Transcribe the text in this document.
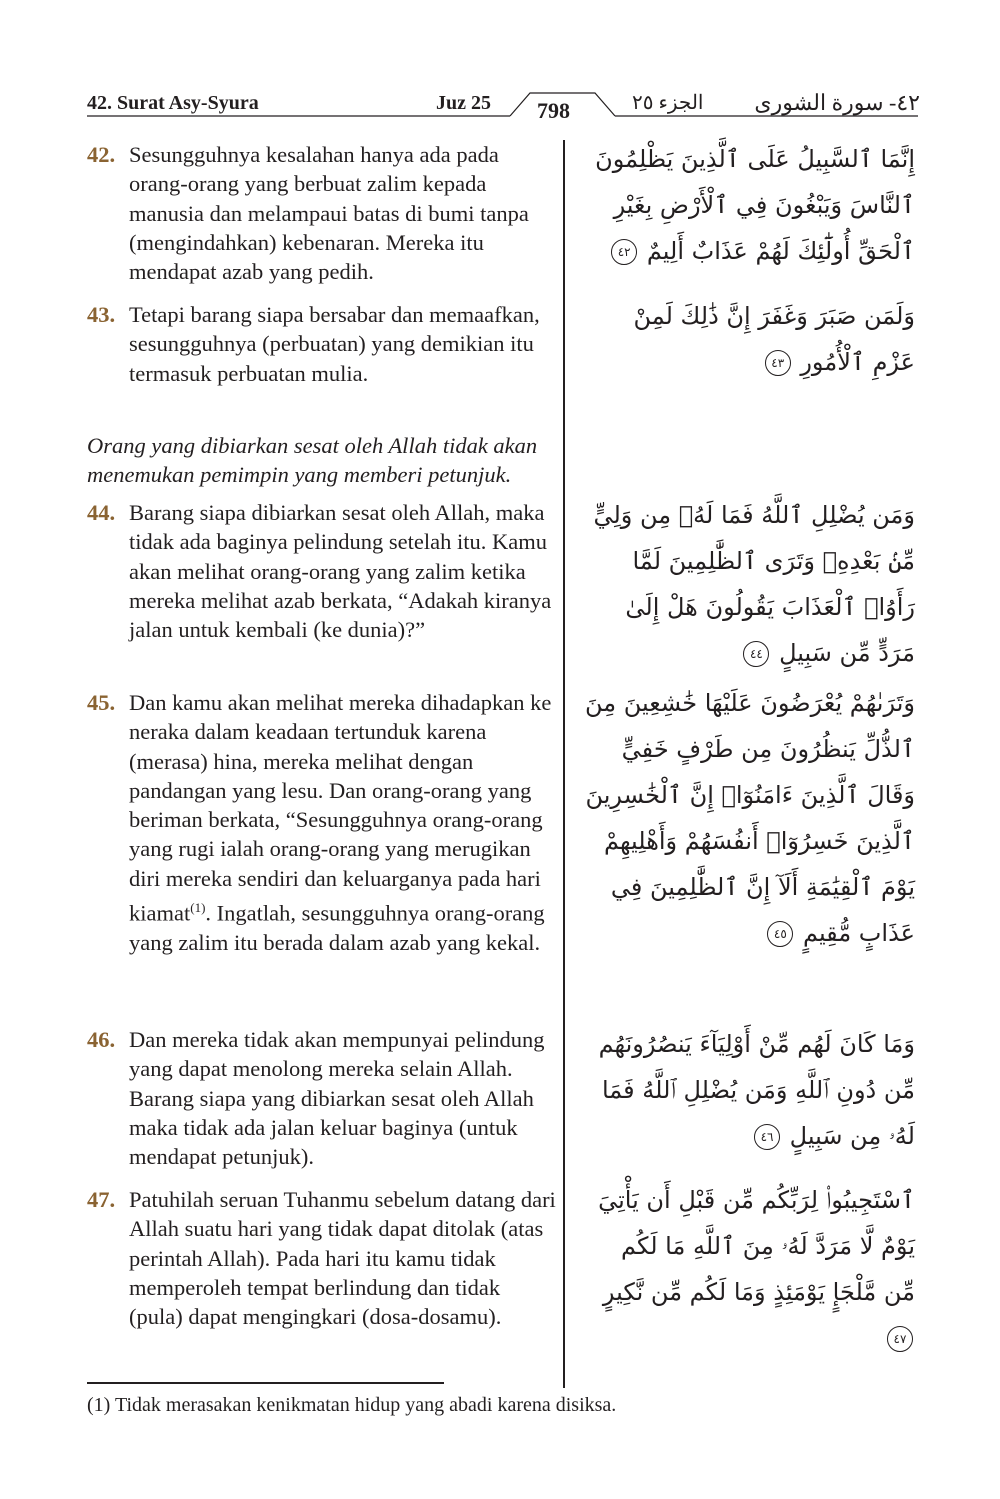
42. Surat Asy-Syura	Juz 25 798	الجزء ٢٥ ٤٢- سورة الشورى
42. Sesungguhnya kesalahan hanya ada pada orang-orang yang berbuat zalim kepada manusia dan melampaui batas di bumi tanpa (mengindahkan) kebenaran. Mereka itu mendapat azab yang pedih.
إِنَّمَا ٱلسَّبِيلُ عَلَى ٱلَّذِينَ يَظْلِمُونَ ٱلنَّاسَ وَيَبْغُونَ فِي ٱلْأَرْضِ بِغَيْرِ ٱلْحَقِّ أُولَٰٓئِكَ لَهُمْ عَذَابٌ أَلِيمٌ ٤٢
43. Tetapi barang siapa bersabar dan memaafkan, sesungguhnya (perbuatan) yang demikian itu termasuk perbuatan mulia.
وَلَمَن صَبَرَ وَغَفَرَ إِنَّ ذَٰلِكَ لَمِنْ عَزْمِ ٱلْأُمُورِ ٤٣
Orang yang dibiarkan sesat oleh Allah tidak akan menemukan pemimpin yang memberi petunjuk.
44. Barang siapa dibiarkan sesat oleh Allah, maka tidak ada baginya pelindung setelah itu. Kamu akan melihat orang-orang yang zalim ketika mereka melihat azab berkata, “Adakah kiranya jalan untuk kembali (ke dunia)?”
وَمَن يُضْلِلِ ٱللَّهُ فَمَا لَهُۥ مِن وَلِيٍّ مِّنۢ بَعْدِهِۦ وَتَرَى ٱلظَّٰلِمِينَ لَمَّا رَأَوُا۟ ٱلْعَذَابَ يَقُولُونَ هَلْ إِلَىٰ مَرَدٍّ مِّن سَبِيلٍ ٤٤
45. Dan kamu akan melihat mereka dihadapkan ke neraka dalam keadaan tertunduk karena (merasa) hina, mereka melihat dengan pandangan yang lesu. Dan orang-orang yang beriman berkata, “Sesungguhnya orang-orang yang rugi ialah orang-orang yang merugikan diri mereka sendiri dan keluarganya pada hari kiamat$^{(1)}$. Ingatlah, sesungguhnya orang-orang yang zalim itu berada dalam azab yang kekal.
وَتَرَىٰهُمْ يُعْرَضُونَ عَلَيْهَا خَٰشِعِينَ مِنَ ٱلذُّلِّ يَنظُرُونَ مِن طَرْفٍ خَفِيٍّ وَقَالَ ٱلَّذِينَ ءَامَنُوٓا۟ إِنَّ ٱلْخَٰسِرِينَ ٱلَّذِينَ خَسِرُوٓا۟ أَنفُسَهُمْ وَأَهْلِيهِمْ يَوْمَ ٱلْقِيَٰمَةِ أَلَآ إِنَّ ٱلظَّٰلِمِينَ فِي عَذَابٍ مُّقِيمٍ ٤٥
46. Dan mereka tidak akan mempunyai pelindung yang dapat menolong mereka selain Allah. Barang siapa yang dibiarkan sesat oleh Allah maka tidak ada jalan keluar baginya (untuk mendapat petunjuk).
وَمَا كَانَ لَهُم مِّنْ أَوْلِيَآءَ يَنصُرُونَهُم مِّن دُونِ ٱللَّهِ وَمَن يُضْلِلِ ٱللَّهُ فَمَا لَهُۥ مِن سَبِيلٍ ٤٦
47. Patuhilah seruan Tuhanmu sebelum datang dari Allah suatu hari yang tidak dapat ditolak (atas perintah Allah). Pada hari itu kamu tidak memperoleh tempat berlindung dan tidak (pula) dapat mengingkari (dosa-dosamu).
ٱسْتَجِيبُوا۟ لِرَبِّكُم مِّن قَبْلِ أَن يَأْتِيَ يَوْمٌ لَّا مَرَدَّ لَهُۥ مِنَ ٱللَّهِ مَا لَكُم مِّن مَّلْجَإٍ يَوْمَئِذٍ وَمَا لَكُم مِّن نَّكِيرٍ ٤٧
(1) Tidak merasakan kenikmatan hidup yang abadi karena disiksa.
